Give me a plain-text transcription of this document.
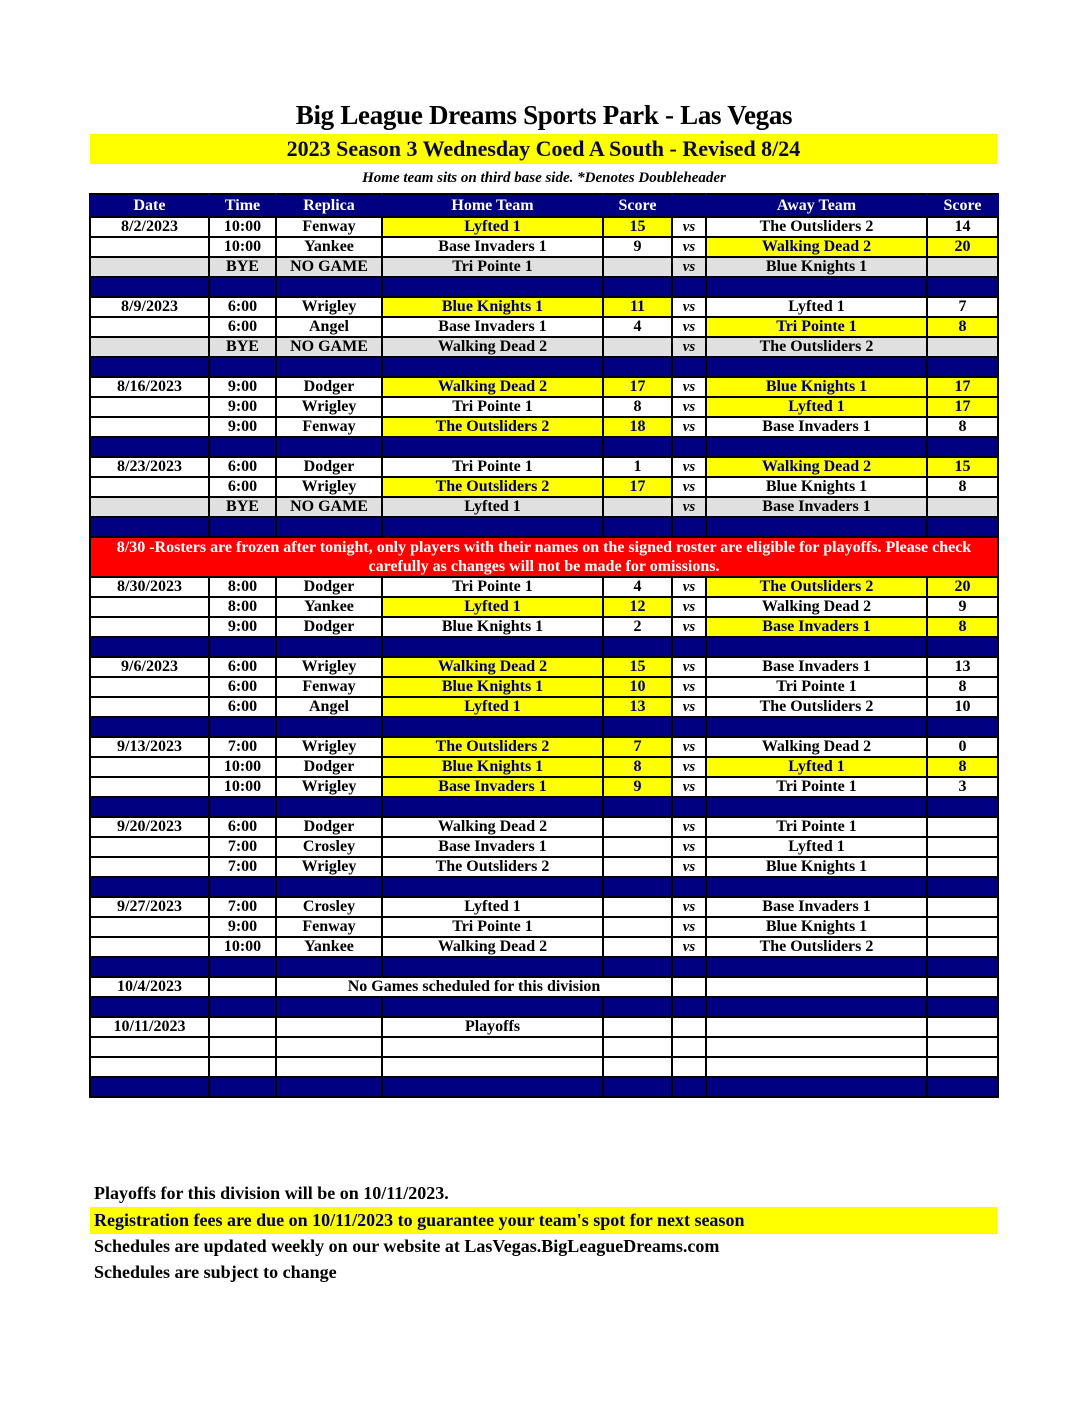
Big League Dreams Sports Park - Las Vegas
2023 Season 3 Wednesday Coed A South - Revised 8/24
Home team sits on third base side. *Denotes Doubleheader
Date	Time	Replica	Home Team	Score		Away Team	Score
8/2/2023	10:00	Fenway	Lyfted 1	15	vs	The Outsliders 2	14
	10:00	Yankee	Base Invaders 1	9	vs	Walking Dead 2	20
	BYE	NO GAME	Tri Pointe 1		vs	Blue Knights 1	

8/9/2023	6:00	Wrigley	Blue Knights 1	11	vs	Lyfted 1	7
	6:00	Angel	Base Invaders 1	4	vs	Tri Pointe 1	8
	BYE	NO GAME	Walking Dead 2		vs	The Outsliders 2	

8/16/2023	9:00	Dodger	Walking Dead 2	17	vs	Blue Knights 1	17
	9:00	Wrigley	Tri Pointe 1	8	vs	Lyfted 1	17
	9:00	Fenway	The Outsliders 2	18	vs	Base Invaders 1	8

8/23/2023	6:00	Dodger	Tri Pointe 1	1	vs	Walking Dead 2	15
	6:00	Wrigley	The Outsliders 2	17	vs	Blue Knights 1	8
	BYE	NO GAME	Lyfted 1		vs	Base Invaders 1	

8/30 -Rosters are frozen after tonight, only players with their names on the signed roster are eligible for playoffs. Please check carefully as changes will not be made for omissions.							
8/30/2023	8:00	Dodger	Tri Pointe 1	4	vs	The Outsliders 2	20
	8:00	Yankee	Lyfted 1	12	vs	Walking Dead 2	9
	9:00	Dodger	Blue Knights 1	2	vs	Base Invaders 1	8

9/6/2023	6:00	Wrigley	Walking Dead 2	15	vs	Base Invaders 1	13
	6:00	Fenway	Blue Knights 1	10	vs	Tri Pointe 1	8
	6:00	Angel	Lyfted 1	13	vs	The Outsliders 2	10

9/13/2023	7:00	Wrigley	The Outsliders 2	7	vs	Walking Dead 2	0
	10:00	Dodger	Blue Knights 1	8	vs	Lyfted 1	8
	10:00	Wrigley	Base Invaders 1	9	vs	Tri Pointe 1	3

9/20/2023	6:00	Dodger	Walking Dead 2		vs	Tri Pointe 1	
	7:00	Crosley	Base Invaders 1		vs	Lyfted 1	
	7:00	Wrigley	The Outsliders 2		vs	Blue Knights 1	

9/27/2023	7:00	Crosley	Lyfted 1		vs	Base Invaders 1	
	9:00	Fenway	Tri Pointe 1		vs	Blue Knights 1	
	10:00	Yankee	Walking Dead 2		vs	The Outsliders 2	

10/4/2023		No Games scheduled for this division					

10/11/2023			Playoffs				

Playoffs for this division will be on 10/11/2023.
Registration fees are due on 10/11/2023 to guarantee your team's spot for next season
Schedules are updated weekly on our website at LasVegas.BigLeagueDreams.com
Schedules are subject to change
